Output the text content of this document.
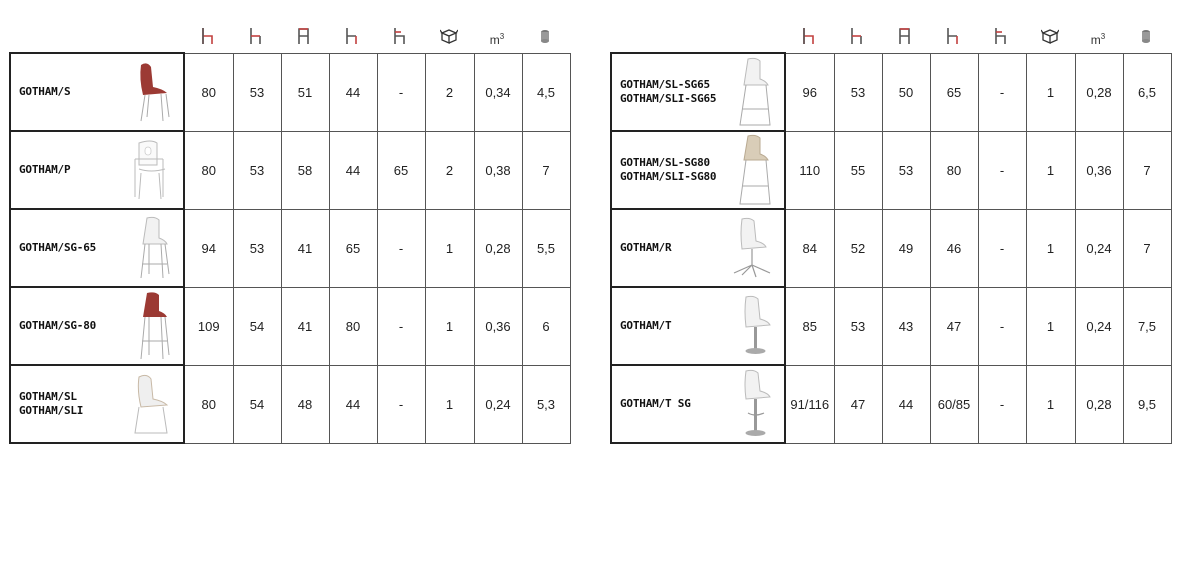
$m^3$	$m^3$
GOTHAM/S	80	53	51	44	-	2	0,34	4,5

GOTHAM/P	80	53	58	44	65	2	0,38	7

GOTHAM/SG-65	94	53	41	65	-	1	0,28	5,5

GOTHAM/SG-80	109	54	41	80	-	1	0,36	6

GOTHAM/SL
GOTHAM/SLI	80	54	48	44	-	1	0,24	5,3
GOTHAM/SL-SG65
GOTHAM/SLI-SG65	96	53	50	65	-	1	0,28	6,5

GOTHAM/SL-SG80
GOTHAM/SLI-SG80	110	55	53	80	-	1	0,36	7

GOTHAM/R	84	52	49	46	-	1	0,24	7

GOTHAM/T	85	53	43	47	-	1	0,24	7,5

GOTHAM/T SG	91/116	47	44	60/85	-	1	0,28	9,5
